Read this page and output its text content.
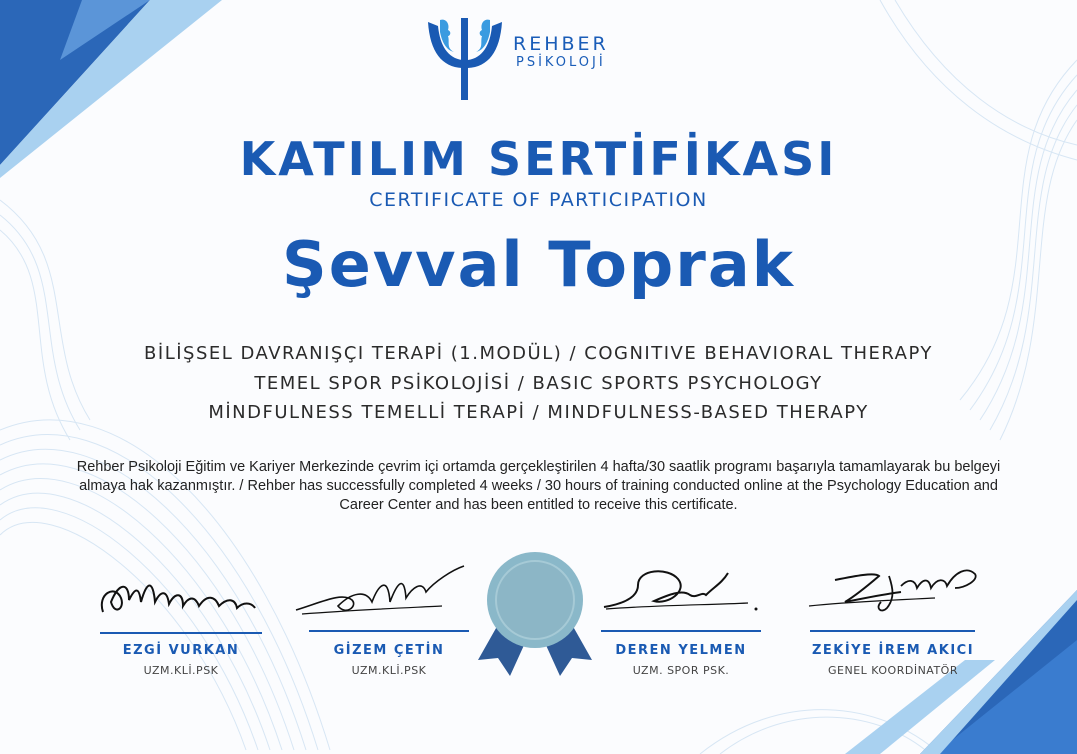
REHBER
PSİKOLOJİ
KATILIM SERTİFİKASI
CERTIFICATE OF PARTICIPATION
Şevval Toprak
BİLİŞSEL DAVRANIŞÇI TERAPİ (1.MODÜL) / COGNITIVE BEHAVIORAL THERAPY
TEMEL SPOR PSİKOLOJİSİ / BASIC SPORTS PSYCHOLOGY
MİNDFULNESS TEMELLİ TERAPİ / MINDFULNESS-BASED THERAPY
Rehber Psikoloji Eğitim ve Kariyer Merkezinde çevrim içi ortamda gerçekleştirilen 4 hafta/30 saatlik programı başarıyla tamamlayarak bu belgeyi almaya hak kazanmıştır. / Rehber has successfully completed 4 weeks / 30 hours of training conducted online at the Psychology Education and Career Center and has been entitled to receive this certificate.
EZGİ VURKAN
UZM.KLİ.PSK
GİZEM ÇETİN
UZM.KLİ.PSK
DEREN YELMEN
UZM. SPOR PSK.
ZEKİYE İREM AKICI
GENEL KOORDİNATÖR
